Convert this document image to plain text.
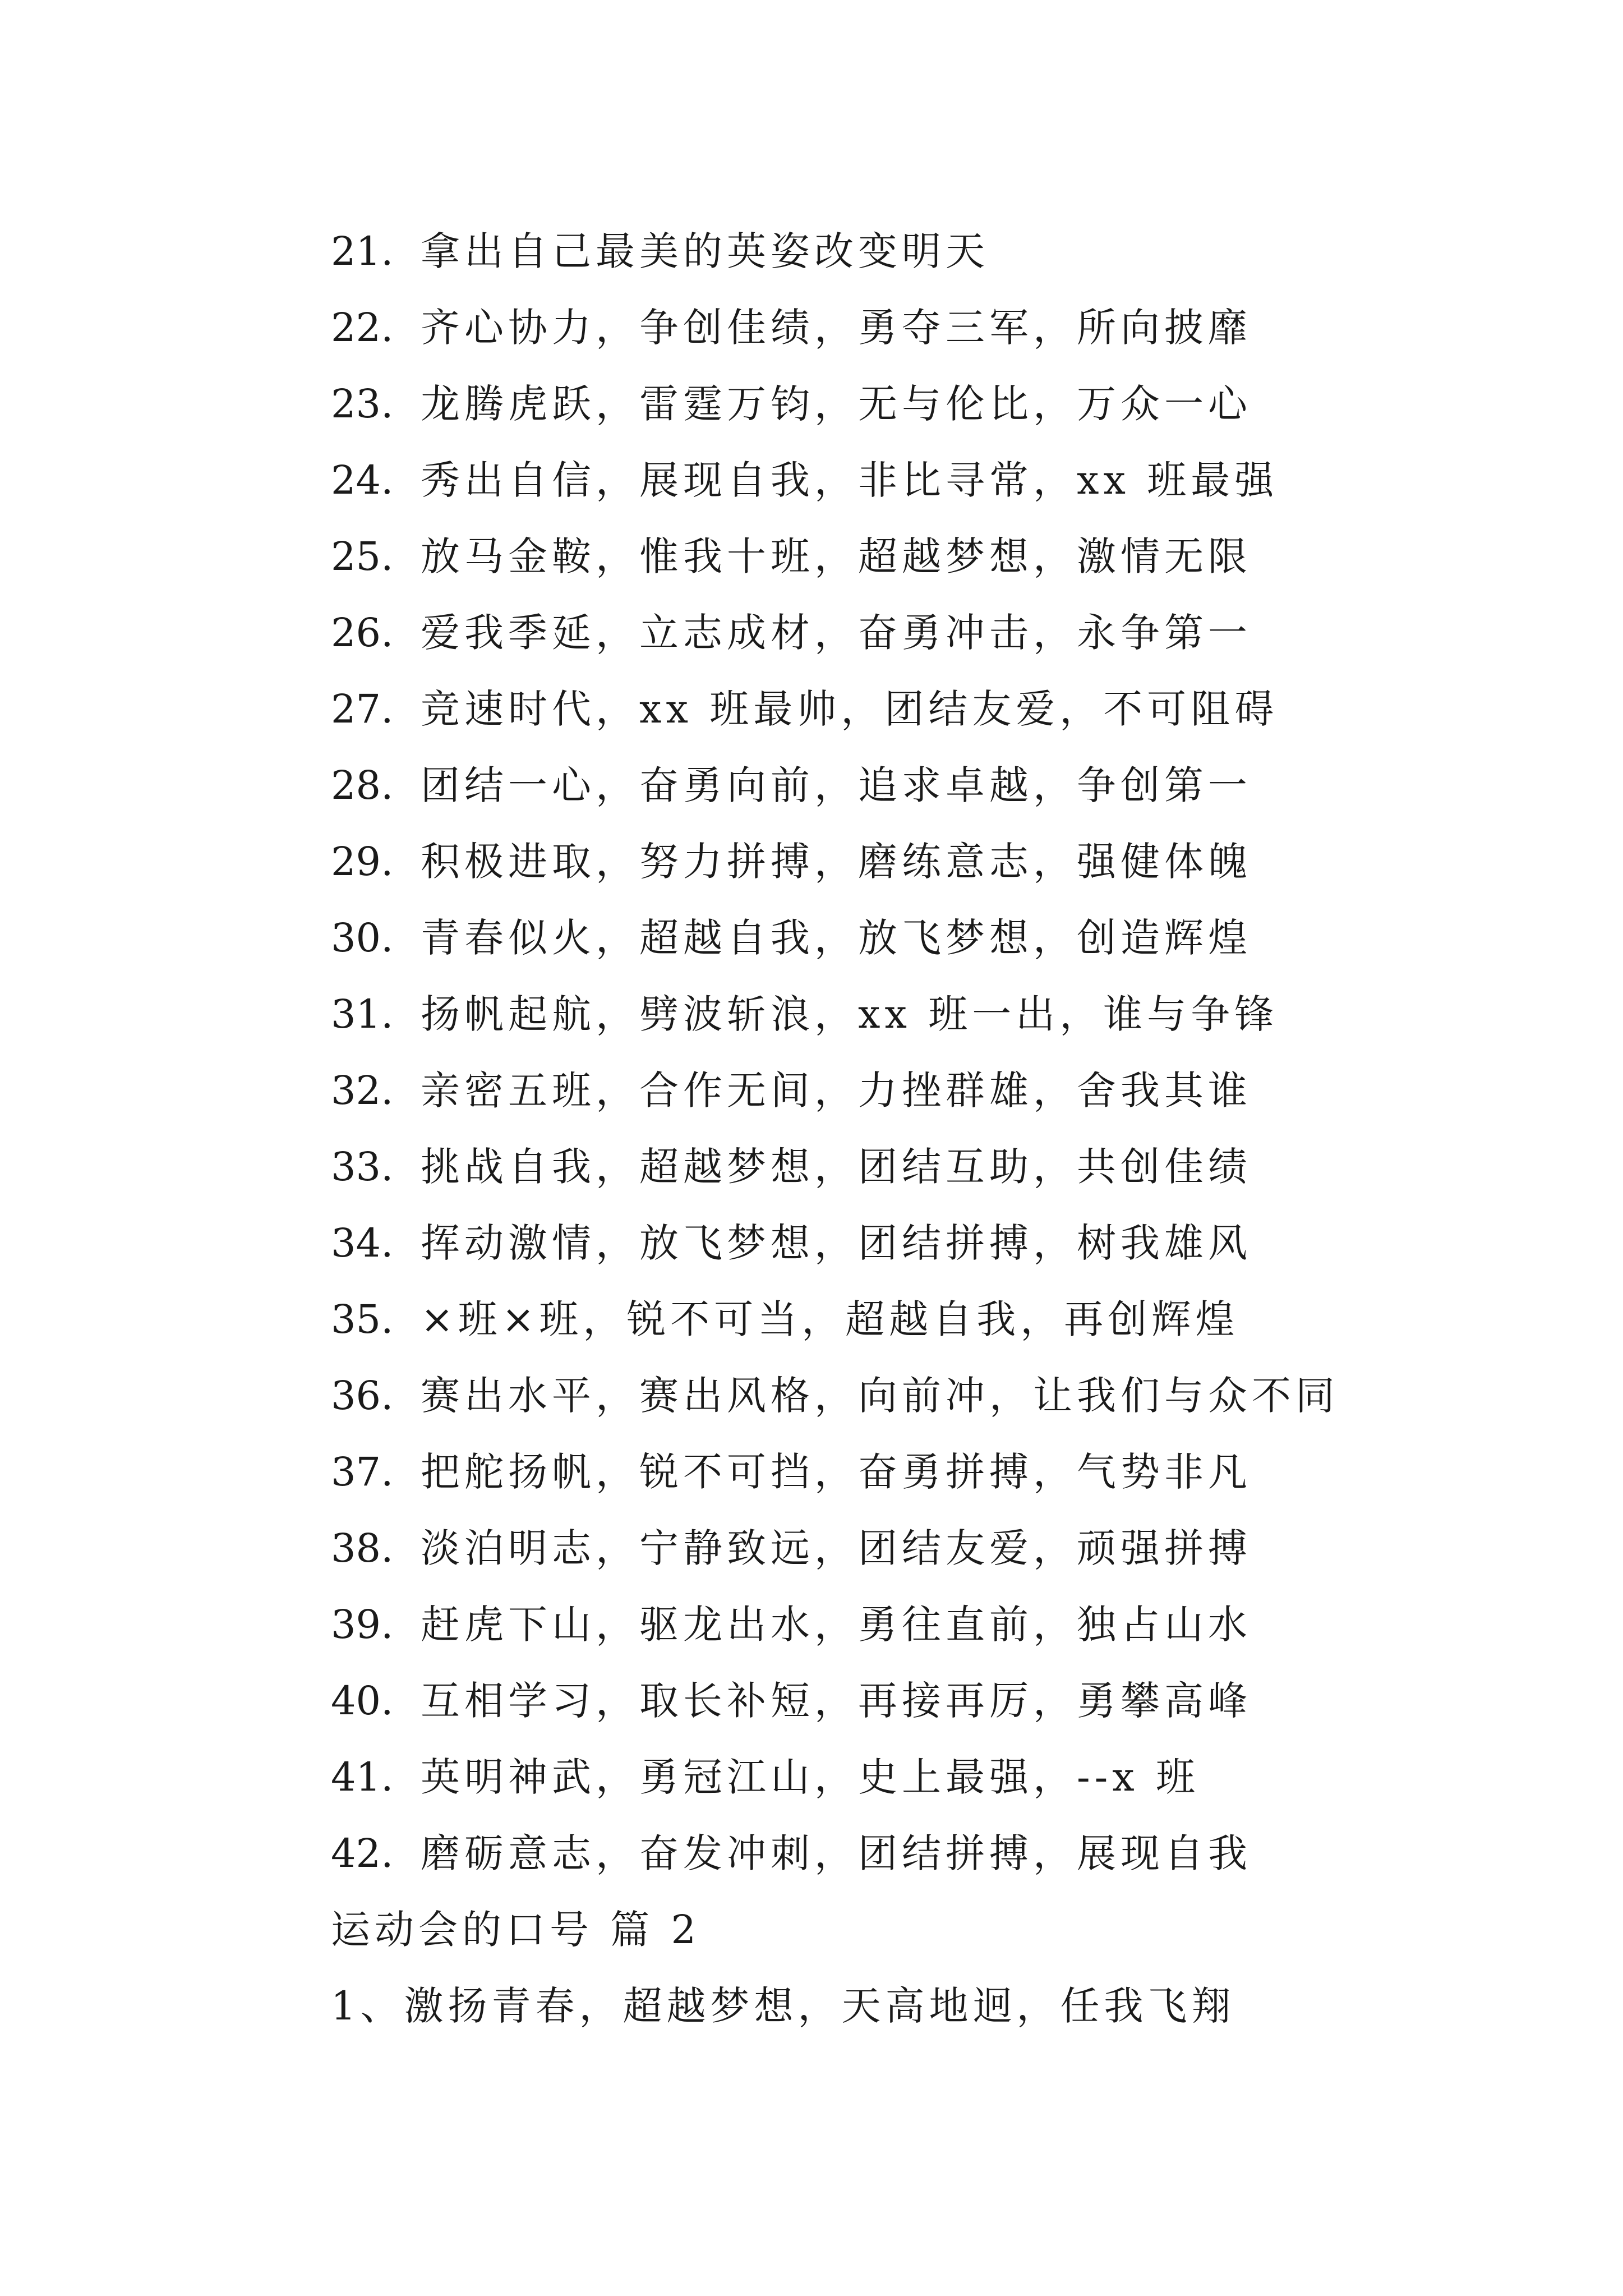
21. 拿出自己最美的英姿改变明天
22. 齐心协力，争创佳绩，勇夺三军，所向披靡
23. 龙腾虎跃，雷霆万钧，无与伦比，万众一心
24. 秀出自信，展现自我，非比寻常，xx 班最强
25. 放马金鞍，惟我十班，超越梦想，激情无限
26. 爱我季延，立志成材，奋勇冲击，永争第一
27. 竞速时代，xx 班最帅，团结友爱，不可阻碍
28. 团结一心，奋勇向前，追求卓越，争创第一
29. 积极进取，努力拼搏，磨练意志，强健体魄
30. 青春似火，超越自我，放飞梦想，创造辉煌
31. 扬帆起航，劈波斩浪，xx 班一出，谁与争锋
32. 亲密五班，合作无间，力挫群雄，舍我其谁
33. 挑战自我，超越梦想，团结互助，共创佳绩
34. 挥动激情，放飞梦想，团结拼搏，树我雄风
35. ×班×班，锐不可当，超越自我，再创辉煌
36. 赛出水平，赛出风格，向前冲，让我们与众不同
37. 把舵扬帆，锐不可挡，奋勇拼搏，气势非凡
38. 淡泊明志，宁静致远，团结友爱，顽强拼搏
39. 赶虎下山，驱龙出水，勇往直前，独占山水
40. 互相学习，取长补短，再接再厉，勇攀高峰
41. 英明神武，勇冠江山，史上最强，--x 班
42. 磨砺意志，奋发冲刺，团结拼搏，展现自我
运动会的口号 篇 2
1、激扬青春，超越梦想，天高地迥，任我飞翔
